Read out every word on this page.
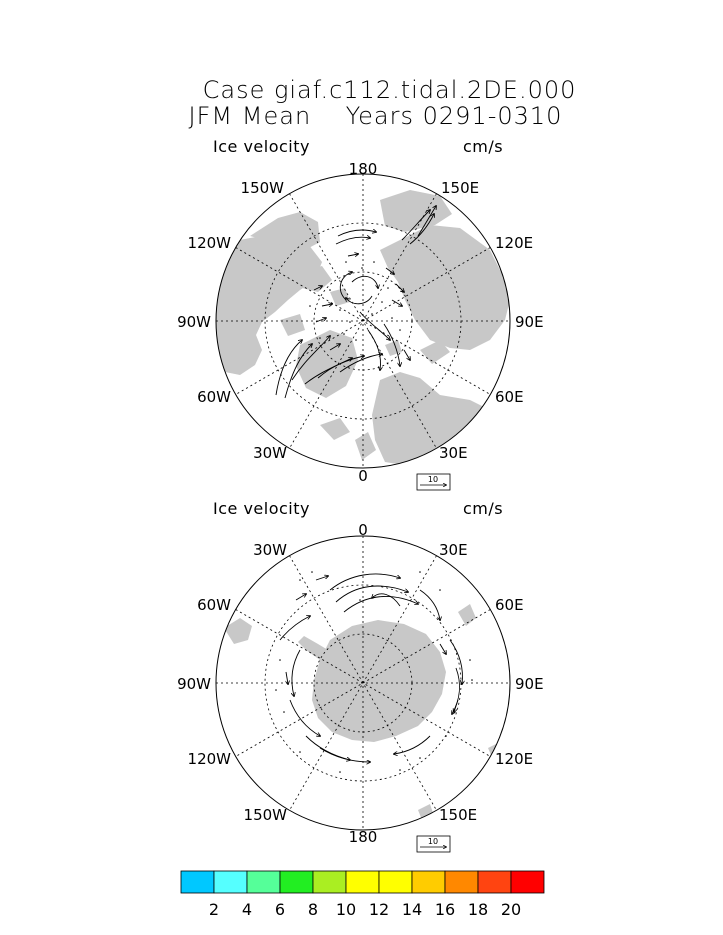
Case giaf.c112.tidal.2DE.000
JFM Mean    Years 0291-0310
Ice velocity	cm/s
Ice velocity	cm/s
180
0
150W	150E
120W	120E
90W	90E
60W	60E
30W	30E
10
0
180
30W	30E
60W	60E
90W	90E
120W	120E
150W	150E
10
2 4 6 8 10 12 14 16 18 20
